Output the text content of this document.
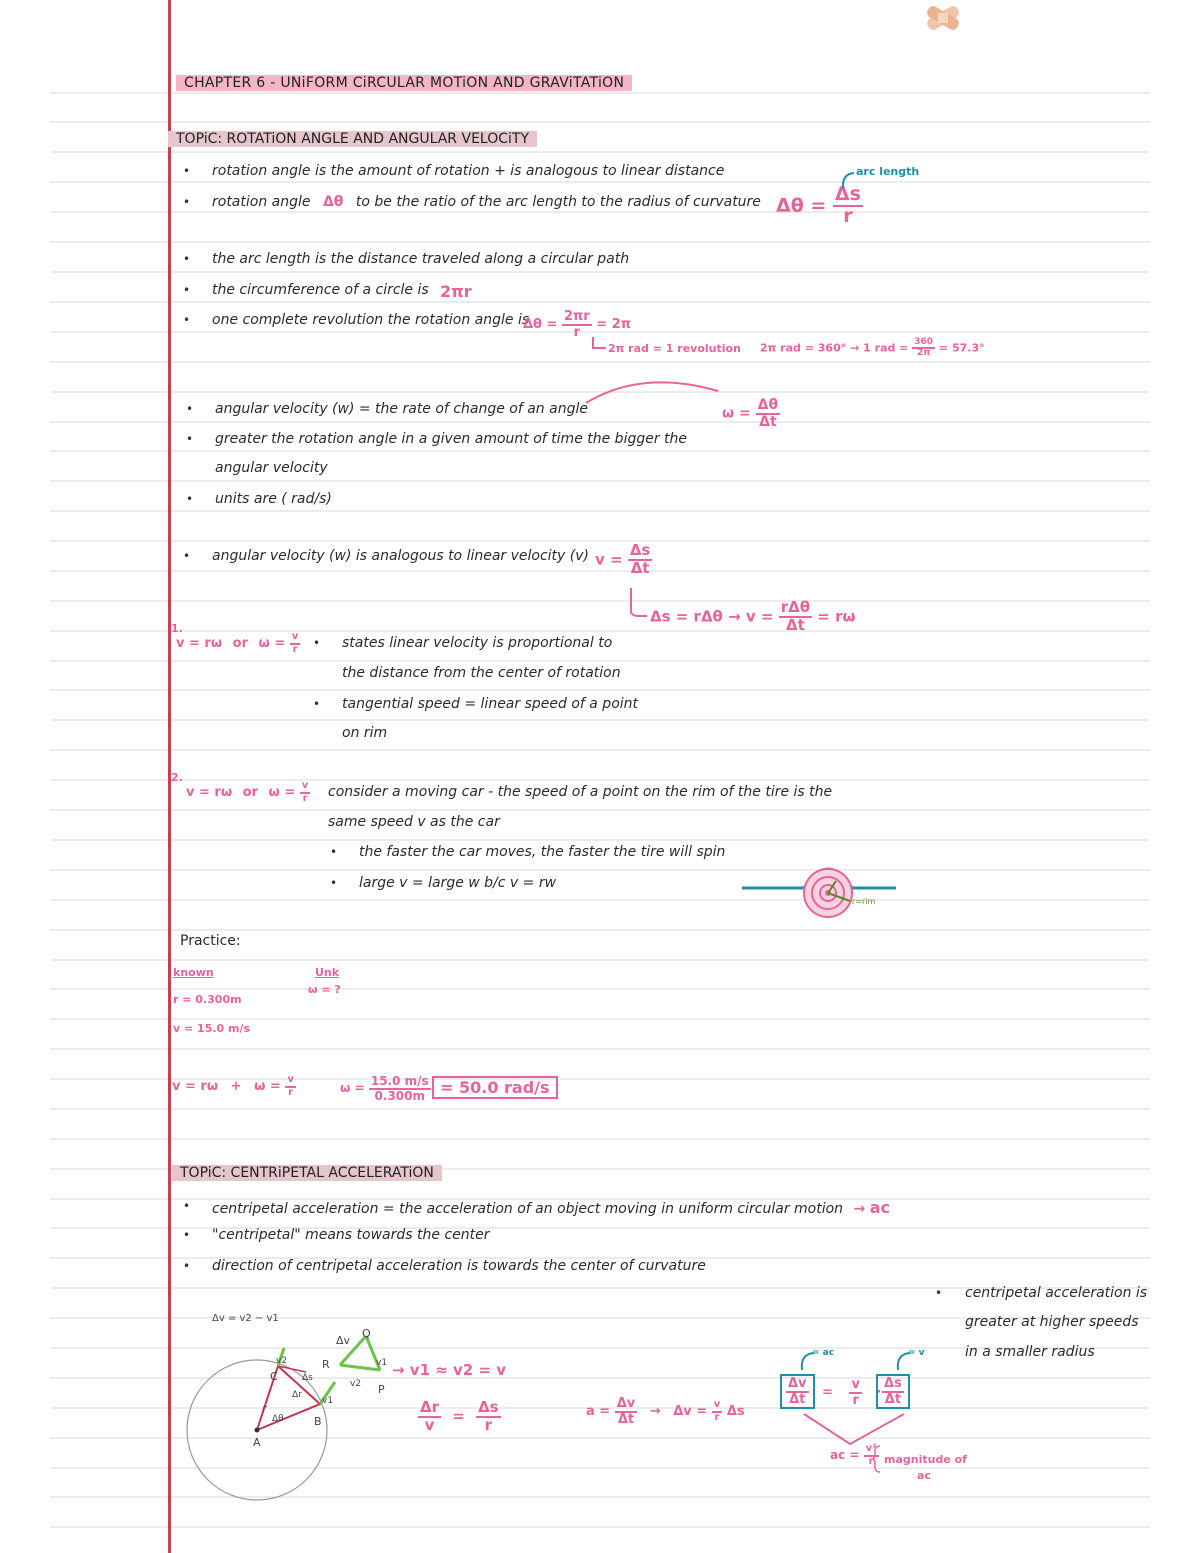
CHAPTER 6 - UNiFORM CiRCULAR MOTiON AND GRAViTATiON
TOPiC: ROTATiON ANGLE AND ANGULAR VELOCiTY
• rotation angle is the amount of rotation + is analogous to linear distance
• rotation angle Δθ to be the ratio of the arc length to the radius of curvature $\Delta\theta = \frac{\Delta s}{r}$
arc length
• the arc length is the distance traveled along a circular path
• the circumference of a circle is 2πr
• one complete revolution the rotation angle is
$\Delta\theta = \frac{2\pi r}{r} = 2\pi$
2π rad = 1 revolution 2π rad = 360° → 1 rad = $\frac{360}{2\pi} = 57.3^\circ$
• angular velocity (w) = the rate of change of an angle	$\omega = \frac{\Delta\theta}{\Delta t}$
• greater the rotation angle in a given amount of time the bigger the
angular velocity
• units are ( rad/s)
• angular velocity (w) is analogous to linear velocity (v) $v = \frac{\Delta s}{\Delta t}$
$\Delta s = r\Delta\theta \to v = \frac{\text{rΔθ}}{\Delta t} = r\omega$
1.
v = rω or $\omega = \frac{v}{r}$ • states linear velocity is proportional to
the distance from the center of rotation
• tangential speed = linear speed of a point
on rim
2.
v = rω or $\omega = \frac{v}{r}$ consider a moving car - the speed of a point on the rim of the tire is the
same speed v as the car
• the faster the car moves, the faster the tire will spin
• large v = large w b/c v = rw
r=rim
Practice:
known
r = 0.300m
v = 15.0 m/s
Unk
ω = ?
$v = r\omega + \omega = \frac{v}{r}$	$\omega = \frac{15.0 m/s}{0.300m} = 50.0$ rad/s
TOPiC: CENTRiPETAL ACCELERATiON
• centripetal acceleration = the acceleration of an object moving in uniform circular motion → ac
• "centripetal" means towards the center
• direction of centripetal acceleration is towards the center of curvature
• centripetal acceleration is
greater at higher speeds
in a smaller radius
Δv = v2 − v1
Δv
Q
R	v1
v2 P
C
v2
v1
Δs
Δr
r
Δθ	B
A
→ v1 ≈ v2 = v
$\frac{\Delta r}{v} = \frac{\Delta s}{r}$	$a = \frac{\Delta v}{\Delta t} \to \Delta v = \frac{v}{r}$ Δs
= ac
$\frac{\Delta v}{\Delta t} = \frac{v}{r}$ ·
= v
$\frac{\Delta s}{\Delta t}$
ac = $\frac{\text{v²}}{r}$ magnitude of
ac
